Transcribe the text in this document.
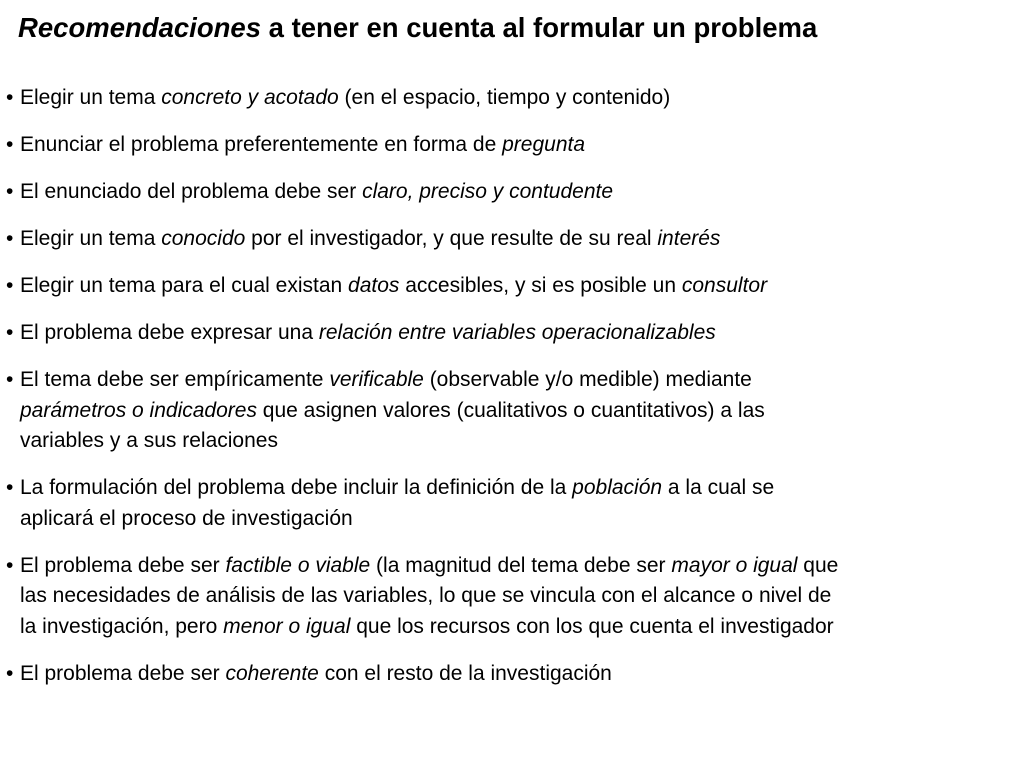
Recomendaciones a tener en cuenta al formular un problema
• Elegir un tema concreto y acotado (en el espacio, tiempo y contenido)
• Enunciar el problema preferentemente en forma de pregunta
• El enunciado del problema debe ser claro, preciso y contudente
• Elegir un tema conocido por el investigador, y que resulte de su real interés
• Elegir un tema para el cual existan datos accesibles, y si es posible un consultor
• El problema debe expresar una relación entre variables operacionalizables
• El tema debe ser empíricamente verificable (observable y/o medible) mediante
parámetros o indicadores que asignen valores (cualitativos o cuantitativos) a las
variables y a sus relaciones
• La formulación del problema debe incluir la definición de la población a la cual se
aplicará el proceso de investigación
• El problema debe ser factible o viable (la magnitud del tema debe ser mayor o igual que
las necesidades de análisis de las variables, lo que se vincula con el alcance o nivel de
la investigación, pero menor o igual que los recursos con los que cuenta el investigador
• El problema debe ser coherente con el resto de la investigación
